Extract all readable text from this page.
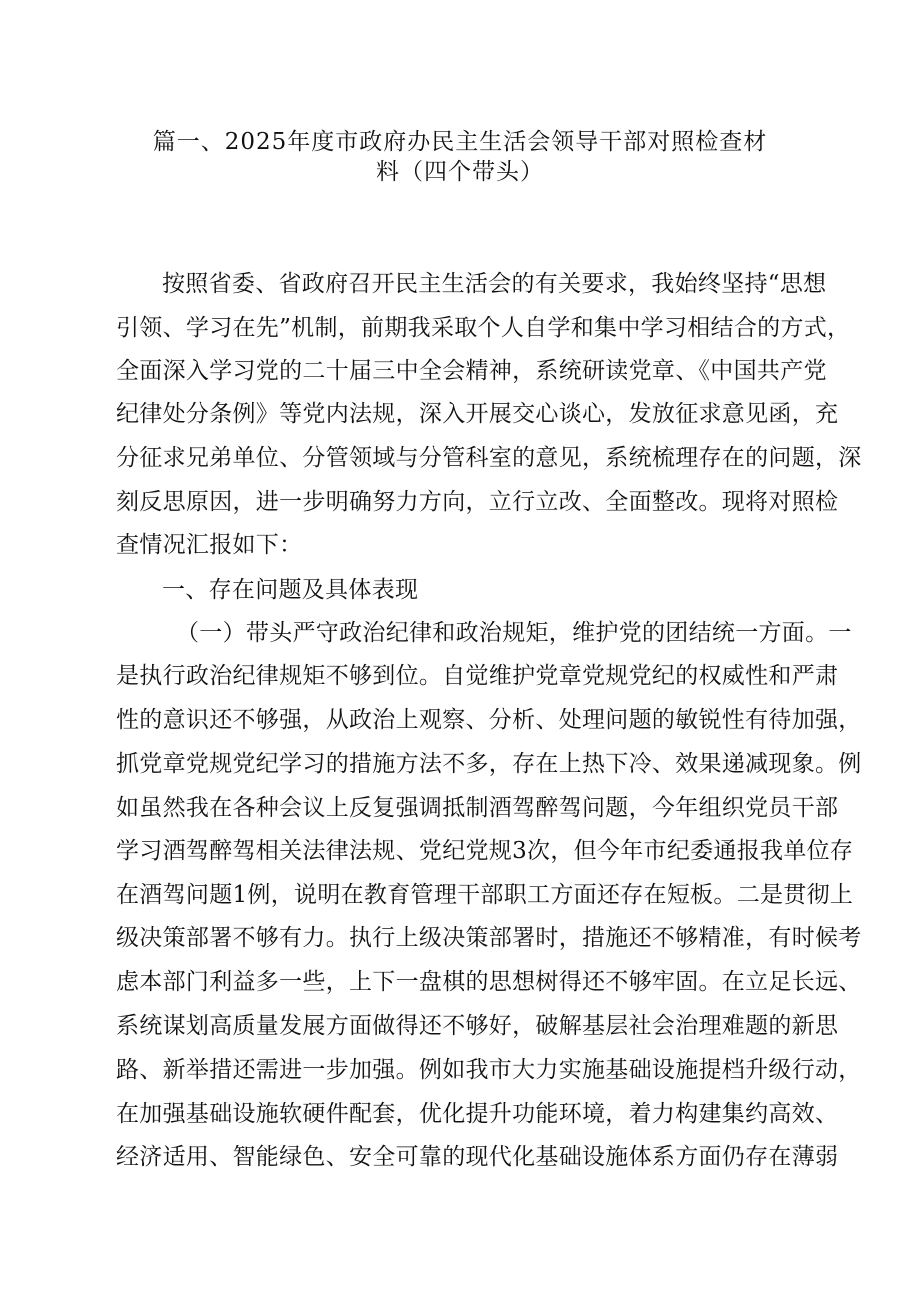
篇一、2025年度市政府办民主生活会领导干部对照检查材
料（四个带头）
按照省委、省政府召开民主生活会的有关要求，我始终坚持“思想
引领、学习在先”机制，前期我采取个人自学和集中学习相结合的方式，
全面深入学习党的二十届三中全会精神，系统研读党章、《中国共产党
纪律处分条例》等党内法规，深入开展交心谈心，发放征求意见函，充
分征求兄弟单位、分管领域与分管科室的意见，系统梳理存在的问题，深
刻反思原因，进一步明确努力方向，立行立改、全面整改。现将对照检
查情况汇报如下：
一、存在问题及具体表现
（一）带头严守政治纪律和政治规矩，维护党的团结统一方面。一
是执行政治纪律规矩不够到位。自觉维护党章党规党纪的权威性和严肃
性的意识还不够强，从政治上观察、分析、处理问题的敏锐性有待加强，
抓党章党规党纪学习的措施方法不多，存在上热下冷、效果递减现象。例
如虽然我在各种会议上反复强调抵制酒驾醉驾问题，今年组织党员干部
学习酒驾醉驾相关法律法规、党纪党规3次，但今年市纪委通报我单位存
在酒驾问题1例，说明在教育管理干部职工方面还存在短板。二是贯彻上
级决策部署不够有力。执行上级决策部署时，措施还不够精准，有时候考
虑本部门利益多一些，上下一盘棋的思想树得还不够牢固。在立足长远、
系统谋划高质量发展方面做得还不够好，破解基层社会治理难题的新思
路、新举措还需进一步加强。例如我市大力实施基础设施提档升级行动，
在加强基础设施软硬件配套，优化提升功能环境，着力构建集约高效、
经济适用、智能绿色、安全可靠的现代化基础设施体系方面仍存在薄弱
